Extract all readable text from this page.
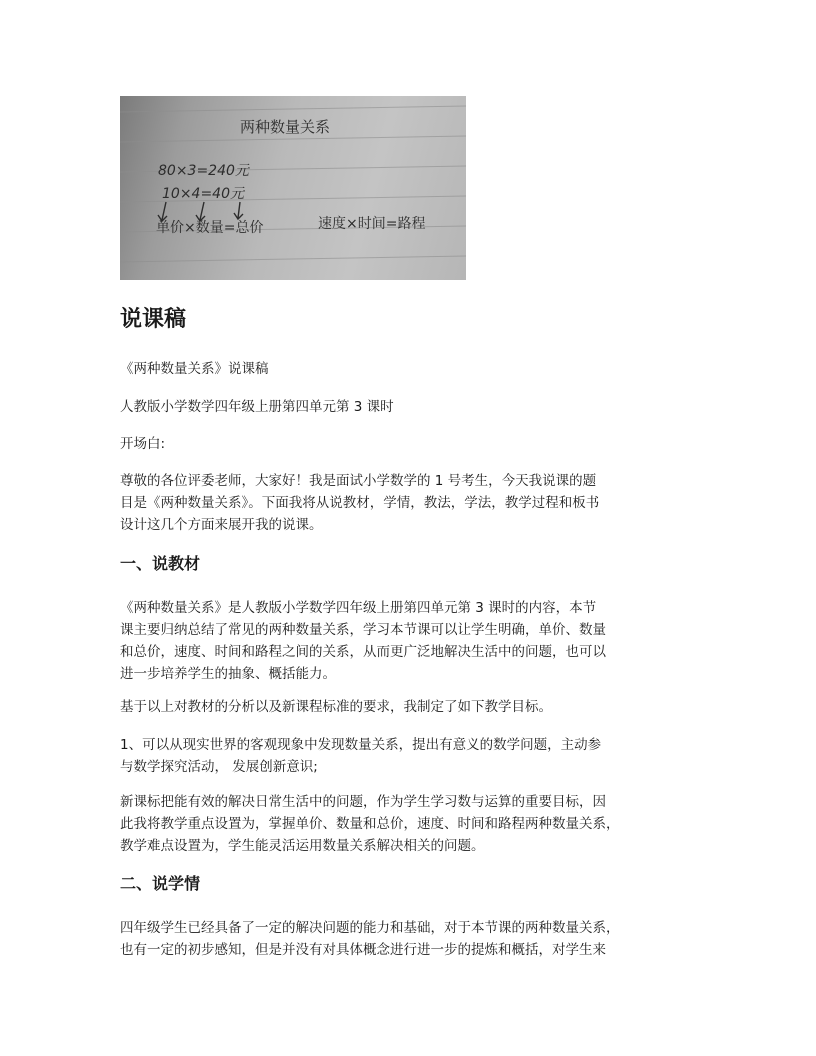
两种数量关系
80×3=240元
10×4=40元
单价×数量=总价	速度×时间=路程
说课稿

《两种数量关系》说课稿

人教版小学数学四年级上册第四单元第 3 课时

开场白:

尊敬的各位评委老师，大家好！我是面试小学数学的 1 号考生，今天我说课的题

目是《两种数量关系》。下面我将从说教材，学情，教法，学法，教学过程和板书

设计这几个方面来展开我的说课。

一、说教材

《两种数量关系》是人教版小学数学四年级上册第四单元第 3 课时的内容，本节

课主要归纳总结了常见的两种数量关系，学习本节课可以让学生明确，单价、数量

和总价，速度、时间和路程之间的关系，从而更广泛地解决生活中的问题，也可以

进一步培养学生的抽象、概括能力。

基于以上对教材的分析以及新课程标准的要求，我制定了如下教学目标。

1、可以从现实世界的客观现象中发现数量关系，提出有意义的数学问题，主动参

与数学探究活动， 发展创新意识;

新课标把能有效的解决日常生活中的问题，作为学生学习数与运算的重要目标，因

此我将教学重点设置为，掌握单价、数量和总价，速度、时间和路程两种数量关系，

教学难点设置为，学生能灵活运用数量关系解决相关的问题。

二、说学情

四年级学生已经具备了一定的解决问题的能力和基础，对于本节课的两种数量关系，

也有一定的初步感知，但是并没有对具体概念进行进一步的提炼和概括，对学生来
